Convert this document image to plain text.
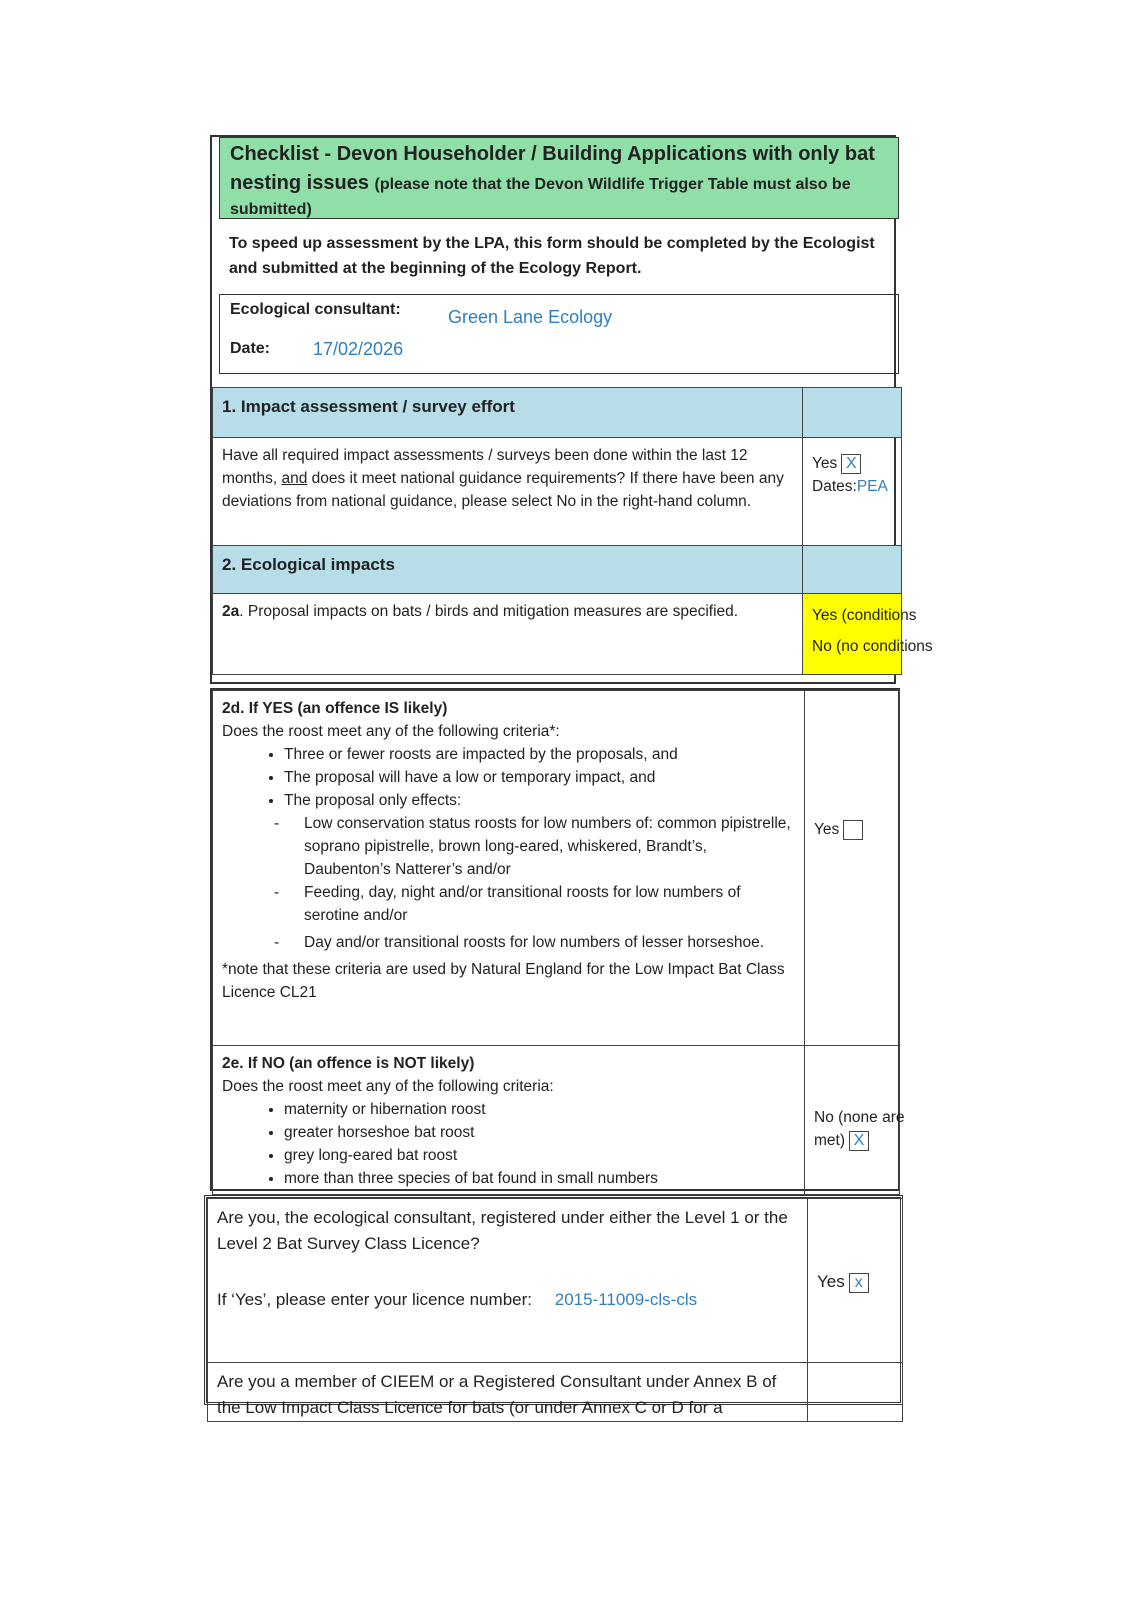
Checklist - Devon Householder / Building Applications with only bat
nesting issues (please note that the Devon Wildlife Trigger Table must also be
submitted)
To speed up assessment by the LPA, this form should be completed by the Ecologist and submitted at the beginning of the Ecology Report.
Ecological consultant:	Green Lane Ecology
Date: 17/02/2026
1. Impact assessment / survey effort
Have all required impact assessments / surveys been done within the last 12 months, and does it meet national guidance requirements? If there have been any deviations from national guidance, please select No in the right-hand column.
Yes X
Dates:PEA
2. Ecological impacts
2a. Proposal impacts on bats / birds and mitigation measures are specified.	Yes (conditions
No (no conditions
2d. If YES (an offence IS likely)
Does the roost meet any of the following criteria*:
• Three or fewer roosts are impacted by the proposals, and
• The proposal will have a low or temporary impact, and
• The proposal only effects:
- Low conservation status roosts for low numbers of: common pipistrelle, soprano pipistrelle, brown long-eared, whiskered, Brandt’s, Daubenton’s Natterer’s and/or
- Feeding, day, night and/or transitional roosts for low numbers of serotine and/or
- Day and/or transitional roosts for low numbers of lesser horseshoe.
*note that these criteria are used by Natural England for the Low Impact Bat Class Licence CL21
Yes
2e. If NO (an offence is NOT likely)
Does the roost meet any of the following criteria:
• maternity or hibernation roost
• greater horseshoe bat roost
• grey long-eared bat roost
• more than three species of bat found in small numbers
No (none are
met) X
Are you, the ecological consultant, registered under either the Level 1 or the Level 2 Bat Survey Class Licence?
If ‘Yes’, please enter your licence number: 2015-11009-cls-cls
Yes x
Are you a member of CIEEM or a Registered Consultant under Annex B of the Low Impact Class Licence for bats (or under Annex C or D for a
